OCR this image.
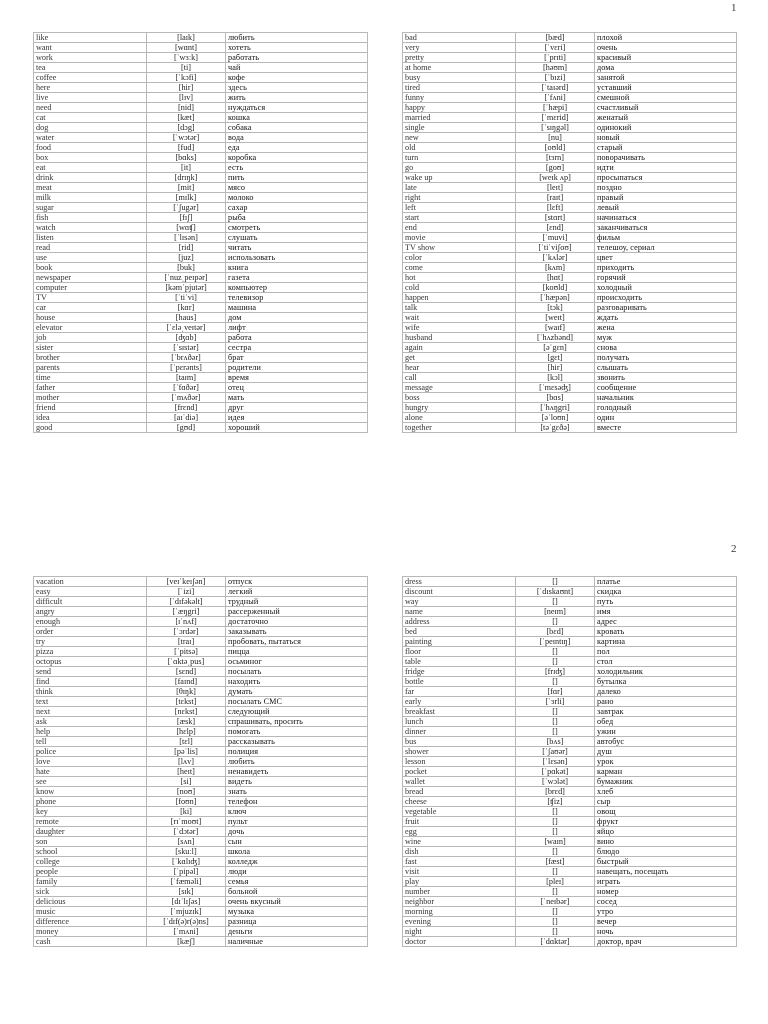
1
like	[laɪk]	любить
want	[wɑnt]	хотеть
work	[ˈwɜːk]	работать
tea	[ti]	чай
coffee	[ˈkɔfi]	кофе
here	[hir]	здесь
live	[lɪv]	жить
need	[nid]	нуждаться
cat	[kæt]	кошка
dog	[dɔg]	собака
water	[ˈwɔtər]	вода
food	[fud]	еда
box	[bɑks]	коробка
eat	[it]	есть
drink	[drɪŋk]	пить
meat	[mit]	мясо
milk	[mɪlk]	молоко
sugar	[ˈʃugər]	сахар
fish	[fɪʃ]	рыба
watch	[wɑʧ]	смотреть
listen	[ˈlɪsən]	слушать
read	[rid]	читать
use	[juz]	использовать
book	[buk]	книга
newspaper	[ˈnuzˌpeɪpər]	газета
computer	[kəmˈpjutər]	компьютер
TV	[ˈtiˈvi]	телевизор
car	[kɑr]	машина
house	[haus]	дом
elevator	[ˈɛləˌveɪtər]	лифт
job	[ʤɑb]	работа
sister	[ˈsɪstər]	сестра
brother	[ˈbrʌðər]	брат
parents	[ˈpɛrənts]	родители
time	[taɪm]	время
father	[ˈfɑðər]	отец
mother	[ˈmʌðər]	мать
friend	[frɛnd]	друг
idea	[aɪˈdiə]	идея
good	[gʊd]	хороший
bad	[bæd]	плохой
very	[ˈvɛri]	очень
pretty	[ˈprɪti]	красивый
at home	[həʊm]	дома
busy	[ˈbɪzi]	занятой
tired	[ˈtaɪərd]	уставший
funny	[ˈfʌni]	смешной
happy	[ˈhæpi]	счастливый
married	[ˈmɛrid]	женатый
single	[ˈsɪŋgəl]	одинокий
new	[nu]	новый
old	[oʊld]	старый
turn	[tɜrn]	поворачивать
go	[goʊ]	идти
wake up	[weɪk ʌp]	просыпаться
late	[leɪt]	поздно
right	[raɪt]	правый
left	[lɛft]	левый
start	[stɑrt]	начинаться
end	[ɛnd]	заканчиваться
movie	[ˈmuvi]	фильм
TV show	[ˈtiˈviʃoʊ]	телешоу, сериал
color	[ˈkʌlər]	цвет
come	[kʌm]	приходить
hot	[hɑt]	горячий
cold	[koʊld]	холодный
happen	[ˈhæpən]	происходить
talk	[tɔk]	разговаривать
wait	[weɪt]	ждать
wife	[waɪf]	жена
husband	[ˈhʌzbənd]	муж
again	[əˈgɛn]	снова
get	[gɛt]	получать
hear	[hir]	слышать
call	[kɔl]	звонить
message	[ˈmɛsəʤ]	сообщение
boss	[bɑs]	начальник
hungry	[ˈhʌŋgri]	голодный
alone	[əˈloʊn]	один
together	[təˈgɛðə]	вместе
2
vacation	[veɪˈkeɪʃən]	отпуск
easy	[ˈizi]	легкий
difficult	[ˈdɪfəkəlt]	трудный
angry	[ˈæŋgri]	рассерженный
enough	[ɪˈnʌf]	достаточно
order	[ˈɔrdər]	заказывать
try	[traɪ]	пробовать, пытаться
pizza	[ˈpitsə]	пицца
octopus	[ˈɑktəˌpus]	осьминог
send	[sɛnd]	посылать
find	[faɪnd]	находить
think	[θɪŋk]	думать
text	[tɛkst]	посылать СМС
next	[nɛkst]	следующий
ask	[æsk]	спрашивать, просить
help	[hɛlp]	помогать
tell	[tɛl]	рассказывать
police	[pəˈlis]	полиция
love	[lʌv]	любить
hate	[heɪt]	ненавидеть
see	[si]	видеть
know	[noʊ]	знать
phone	[foʊn]	телефон
key	[ki]	ключ
remote	[rɪˈmoʊt]	пульт
daughter	[ˈdɔtər]	дочь
son	[sʌn]	сын
school	[skuːl]	школа
college	[ˈkɑlɪʤ]	колледж
people	[ˈpipəl]	люди
family	[ˈfæməli]	семья
sick	[sɪk]	больной
delicious	[dɪˈlɪʃəs]	очень вкусный
music	[ˈmjuzɪk]	музыка
difference	[ˈdɪf(ə)r(ə)ns]	разница
money	[ˈmʌni]	деньги
cash	[kæʃ]	наличные
dress	[]	платье
discount	[ˈdɪskaʊnt]	скидка
way	[]	путь
name	[neɪm]	имя
address	[]	адрес
bed	[bɛd]	кровать
painting	[ˈpeɪntɪŋ]	картина
floor	[]	пол
table	[]	стол
fridge	[frɪʤ]	холодильник
bottle	[]	бутылка
far	[fɑr]	далеко
early	[ˈɜrli]	рано
breakfast	[]	завтрак
lunch	[]	обед
dinner	[]	ужин
bus	[bʌs]	автобус
shower	[ˈʃaʊər]	душ
lesson	[ˈlɛsən]	урок
pocket	[ˈpɑkət]	карман
wallet	[ˈwɔlət]	бумажник
bread	[brɛd]	хлеб
cheese	[ʧiz]	сыр
vegetable	[]	овощ
fruit	[]	фрукт
egg	[]	яйцо
wine	[waɪn]	вино
dish	[]	блюдо
fast	[fæst]	быстрый
visit	[]	навещать, посещать
play	[pleɪ]	играть
number	[]	номер
neighbor	[ˈneɪbər]	сосед
morning	[]	утро
evening	[]	вечер
night	[]	ночь
doctor	[ˈdɑktər]	доктор, врач
